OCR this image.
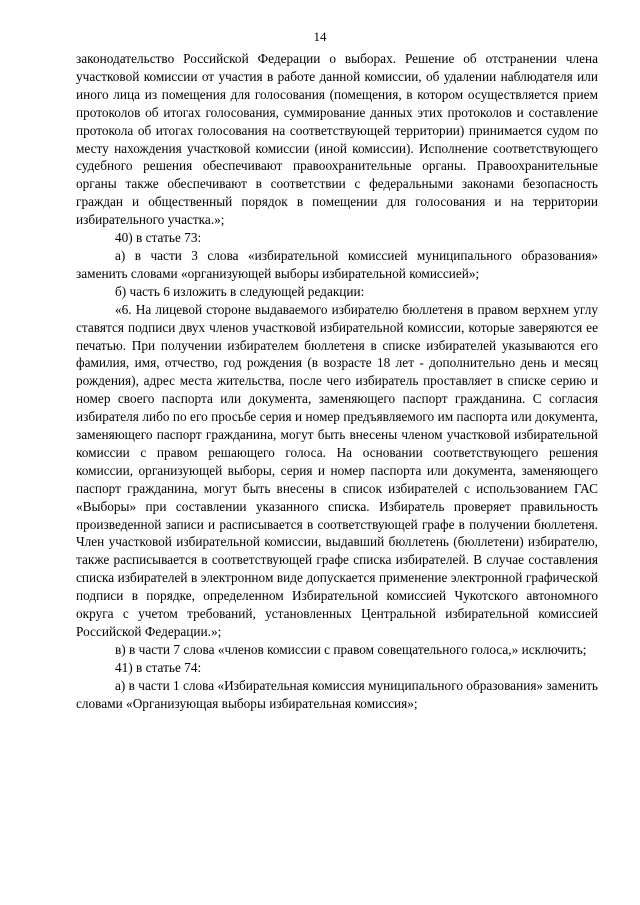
14

законодательство Российской Федерации о выборах. Решение об отстранении члена участковой комиссии от участия в работе данной комиссии, об удалении наблюдателя или иного лица из помещения для голосования (помещения, в котором осуществляется прием протоколов об итогах голосования, суммирование данных этих протоколов и составление протокола об итогах голосования на соответствующей территории) принимается судом по месту нахождения участковой комиссии (иной комиссии). Исполнение соответствующего судебного решения обеспечивают правоохранительные органы. Правоохранительные органы также обеспечивают в соответствии с федеральными законами безопасность граждан и общественный порядок в помещении для голосования и на территории избирательного участка.»;

40) в статье 73:

а) в части 3 слова «избирательной комиссией муниципального образования» заменить словами «организующей выборы избирательной комиссией»;

б) часть 6 изложить в следующей редакции:

«6. На лицевой стороне выдаваемого избирателю бюллетеня в правом верхнем углу ставятся подписи двух членов участковой избирательной комиссии, которые заверяются ее печатью. При получении избирателем бюллетеня в списке избирателей указываются его фамилия, имя, отчество, год рождения (в возрасте 18 лет - дополнительно день и месяц рождения), адрес места жительства, после чего избиратель проставляет в списке серию и номер своего паспорта или документа, заменяющего паспорт гражданина. С согласия избирателя либо по его просьбе серия и номер предъявляемого им паспорта или документа, заменяющего паспорт гражданина, могут быть внесены членом участковой избирательной комиссии с правом решающего голоса. На основании соответствующего решения комиссии, организующей выборы, серия и номер паспорта или документа, заменяющего паспорт гражданина, могут быть внесены в список избирателей с использованием ГАС «Выборы» при составлении указанного списка. Избиратель проверяет правильность произведенной записи и расписывается в соответствующей графе в получении бюллетеня. Член участковой избирательной комиссии, выдавший бюллетень (бюллетени) избирателю, также расписывается в соответствующей графе списка избирателей. В случае составления списка избирателей в электронном виде допускается применение электронной графической подписи в порядке, определенном Избирательной комиссией Чукотского автономного округа с учетом требований, установленных Центральной избирательной комиссией Российской Федерации.»;

в) в части 7 слова «членов комиссии с правом совещательного голоса,» исключить;

41) в статье 74:

а) в части 1 слова «Избирательная комиссия муниципального образования» заменить словами «Организующая выборы избирательная комиссия»;
